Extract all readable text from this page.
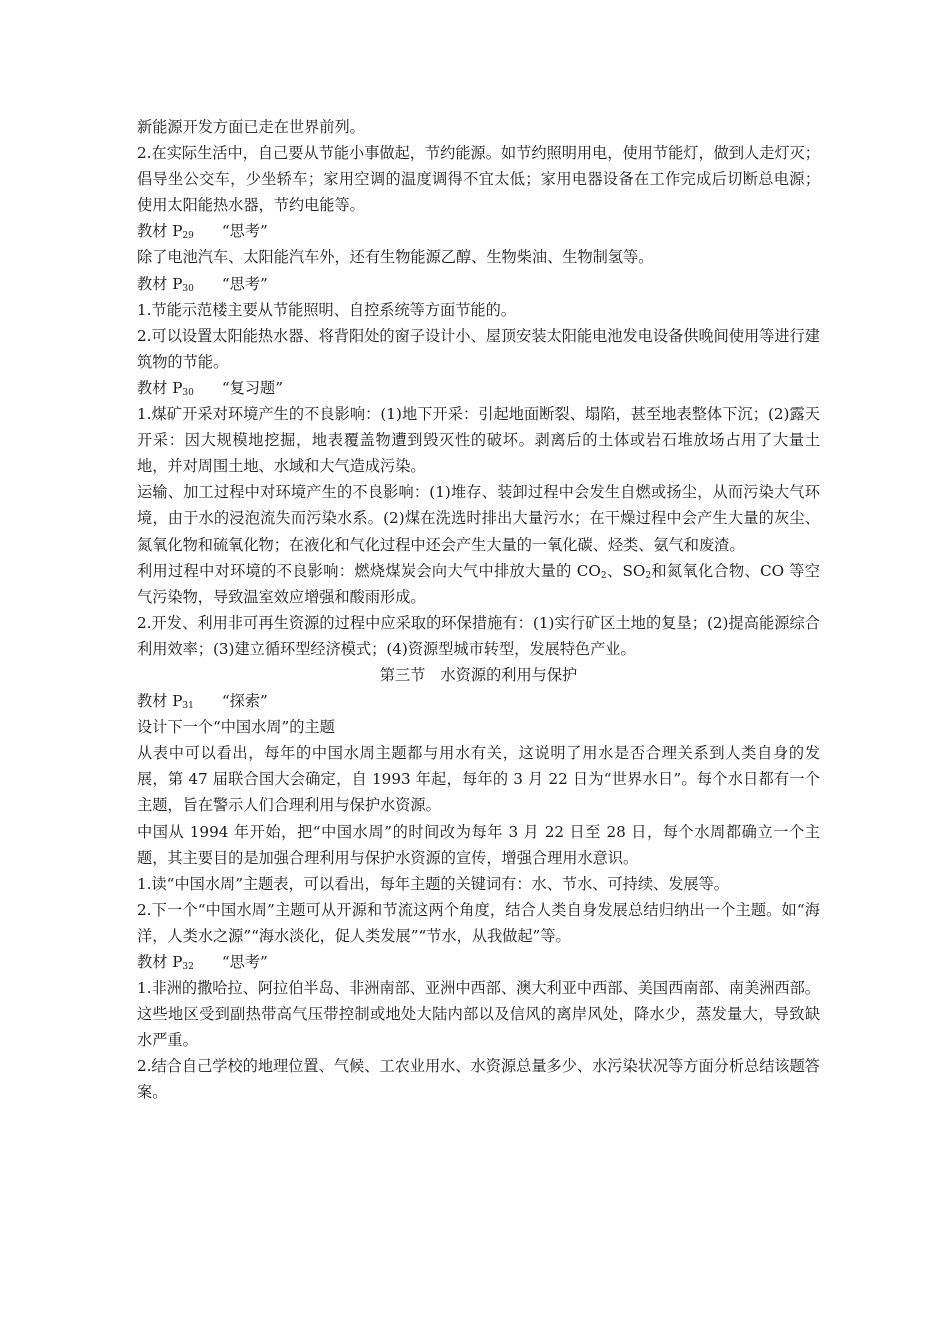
新能源开发方面已走在世界前列。

2.在实际生活中，自己要从节能小事做起，节约能源。如节约照明用电，使用节能灯，做到人走灯灭；倡导坐公交车，少坐轿车；家用空调的温度调得不宜太低；家用电器设备在工作完成后切断总电源；使用太阳能热水器，节约电能等。

教材 $P_{29}$ “思考”

除了电池汽车、太阳能汽车外，还有生物能源乙醇、生物柴油、生物制氢等。

教材 $P_{30}$ “思考”

1.节能示范楼主要从节能照明、自控系统等方面节能的。

2.可以设置太阳能热水器、将背阳处的窗子设计小、屋顶安装太阳能电池发电设备供晚间使用等进行建筑物的节能。

教材 $P_{30}$ “复习题”

1.煤矿开采对环境产生的不良影响：(1)地下开采：引起地面断裂、塌陷，甚至地表整体下沉；(2)露天开采：因大规模地挖掘，地表覆盖物遭到毁灭性的破坏。剥离后的土体或岩石堆放场占用了大量土地，并对周围土地、水域和大气造成污染。

运输、加工过程中对环境产生的不良影响：(1)堆存、装卸过程中会发生自燃或扬尘，从而污染大气环境，由于水的浸泡流失而污染水系。(2)煤在洗选时排出大量污水；在干燥过程中会产生大量的灰尘、氮氧化物和硫氧化物；在液化和气化过程中还会产生大量的一氧化碳、烃类、氨气和废渣。

利用过程中对环境的不良影响：燃烧煤炭会向大气中排放大量的 $CO_2$、$SO_2$和氮氧化合物、CO 等空气污染物，导致温室效应增强和酸雨形成。

2.开发、利用非可再生资源的过程中应采取的环保措施有：(1)实行矿区土地的复垦；(2)提高能源综合利用效率；(3)建立循环型经济模式；(4)资源型城市转型，发展特色产业。

第三节　水资源的利用与保护

教材 $P_{31}$ “探索”

设计下一个“中国水周”的主题

从表中可以看出，每年的中国水周主题都与用水有关，这说明了用水是否合理关系到人类自身的发展，第 47 届联合国大会确定，自 1993 年起，每年的 3 月 22 日为“世界水日”。每个水日都有一个主题，旨在警示人们合理利用与保护水资源。

中国从 1994 年开始，把“中国水周”的时间改为每年 3 月 22 日至 28 日，每个水周都确立一个主题，其主要目的是加强合理利用与保护水资源的宣传，增强合理用水意识。

1.读“中国水周”主题表，可以看出，每年主题的关键词有：水、节水、可持续、发展等。

2.下一个“中国水周”主题可从开源和节流这两个角度，结合人类自身发展总结归纳出一个主题。如“海洋，人类水之源”“海水淡化，促人类发展”“节水，从我做起”等。

教材 $P_{32}$ “思考”

1.非洲的撒哈拉、阿拉伯半岛、非洲南部、亚洲中西部、澳大利亚中西部、美国西南部、南美洲西部。这些地区受到副热带高气压带控制或地处大陆内部以及信风的离岸风处，降水少，蒸发量大，导致缺水严重。

2.结合自己学校的地理位置、气候、工农业用水、水资源总量多少、水污染状况等方面分析总结该题答案。
